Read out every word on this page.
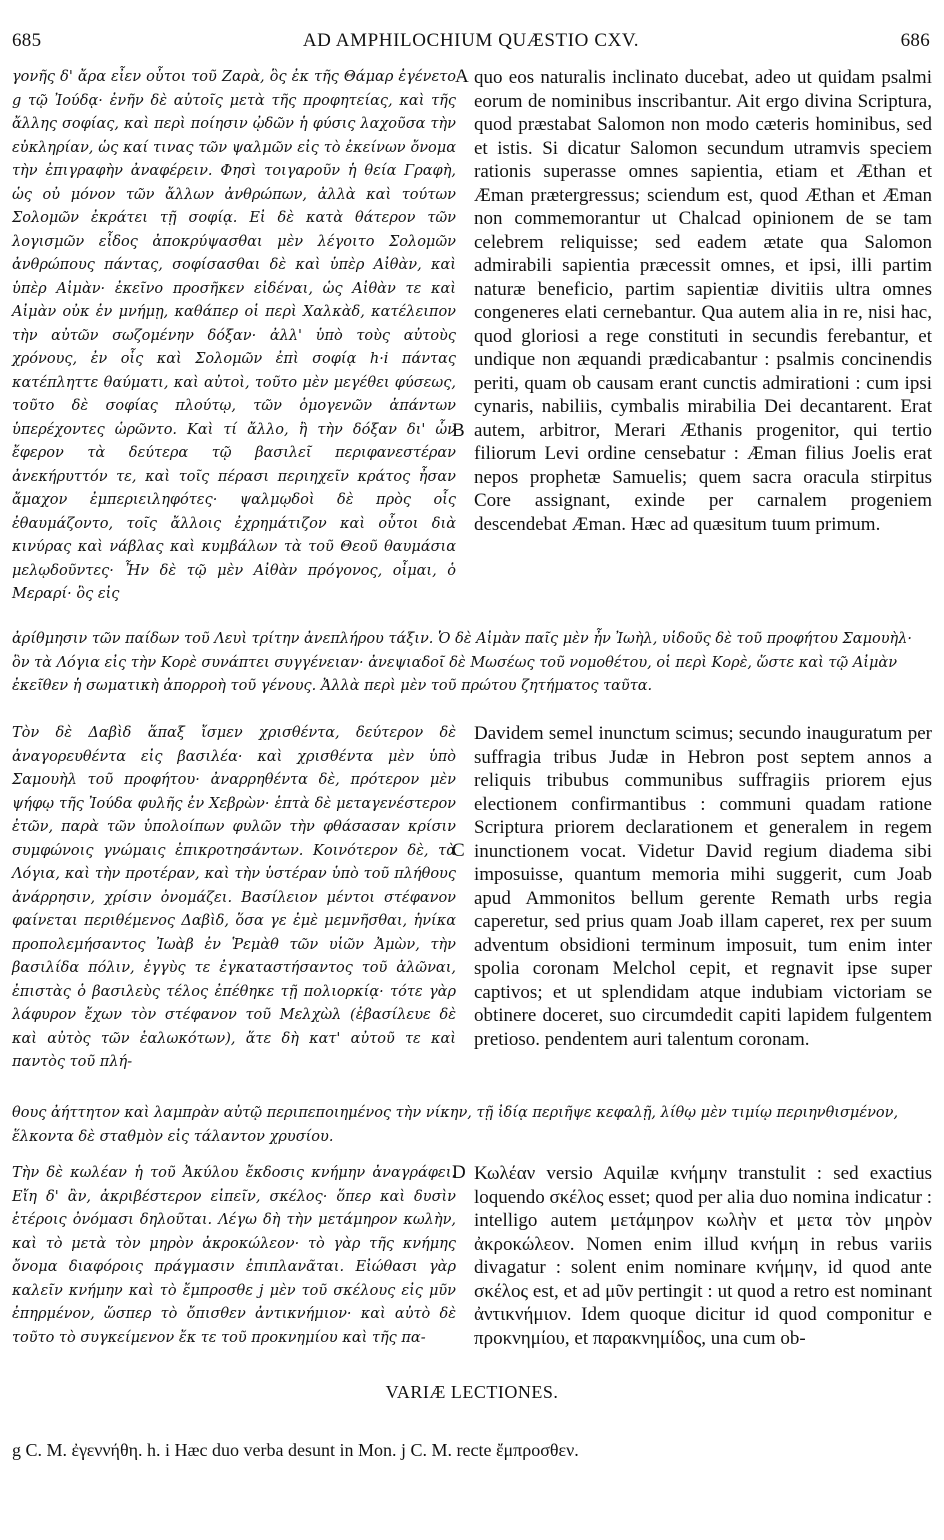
685	AD AMPHILOCHIUM QUÆSTIO CXV.	686

γονῆς δ' ἄρα εἶεν οὗτοι τοῦ Ζαρὰ, ὃς ἐκ τῆς Θάμαρ ἐγένετο g τῷ Ἰούδᾳ· ἐνῆν δὲ αὐτοῖς μετὰ τῆς προφητείας, καὶ τῆς ἄλλης σοφίας, καὶ περὶ ποίησιν ᾠδῶν ἡ φύσις λαχοῦσα τὴν εὐκληρίαν, ὡς καί τινας τῶν ψαλμῶν εἰς τὸ ἐκείνων ὄνομα τὴν ἐπιγραφὴν ἀναφέρειν. Φησὶ τοιγαροῦν ἡ θεία Γραφὴ, ὡς οὐ μόνον τῶν ἄλλων ἀνθρώπων, ἀλλὰ καὶ τούτων Σολομῶν ἐκράτει τῇ σοφίᾳ. Εἰ δὲ κατὰ θάτερον τῶν λογισμῶν εἶδος ἀποκρύψασθαι μὲν λέγοιτο Σολομῶν ἀνθρώπους πάντας, σοφίσασθαι δὲ καὶ ὑπὲρ Αἰθὰν, καὶ ὑπὲρ Αἰμὰν· ἐκεῖνο προσῆκεν εἰδέναι, ὡς Αἰθὰν τε καὶ Αἰμὰν οὐκ ἐν μνήμῃ, καθάπερ οἱ περὶ Χαλκὰδ, κατέλειπον τὴν αὐτῶν σωζομένην δόξαν· ἀλλ' ὑπὸ τοὺς αὐτοὺς χρόνους, ἐν οἷς καὶ Σολομῶν ἐπὶ σοφίᾳ h·i πάντας κατέπληττε θαύματι, καὶ αὐτοὶ, τοῦτο μὲν μεγέθει φύσεως, τοῦτο δὲ σοφίας πλούτῳ, τῶν ὁμογενῶν ἁπάντων ὑπερέχοντες ὡρῶντο. Καὶ τί ἄλλο, ἢ τὴν δόξαν δι' ὧν ἔφερον τὰ δεύτερα τῷ βασιλεῖ περιφανεστέραν ἀνεκήρυττόν τε, καὶ τοῖς πέρασι περιηχεῖν κράτος ἦσαν ἄμαχον ἐμπεριειληφότες· ψαλμῳδοὶ δὲ πρὸς οἷς ἐθαυμάζοντο, τοῖς ἄλλοις ἐχρημάτιζον καὶ οὗτοι διὰ κινύρας καὶ νάβλας καὶ κυμβάλων τὰ τοῦ Θεοῦ θαυμάσια μελῳδοῦντες· Ἦν δὲ τῷ μὲν Αἰθὰν πρόγονος, οἶμαι, ὁ Μεραρί· ὃς εἰς

A quo eos naturalis inclinato ducebat, adeo ut quidam psalmi eorum de nominibus inscribantur. Ait ergo divina Scriptura, quod præstabat Salomon non modo cæteris hominibus, sed et istis. Si dicatur Salomon secundum utramvis speciem rationis superasse omnes sapientia, etiam et Æthan et Æman prætergressus; sciendum est, quod Æthan et Æman non commemorantur ut Chalcad opinionem de se tam celebrem reliquisse; sed eadem ætate qua Salomon admirabili sapientia præcessit omnes, et ipsi, illi partim naturæ beneficio, partim sapientiæ divitiis ultra omnes congeneres elati cernebantur. Qua autem alia in re, nisi hac, quod gloriosi a rege constituti in secundis ferebantur, et undique non æquandi prædicabantur : psalmis concinendis periti, quam ob causam erant cunctis admirationi : cum ipsi cynaris, nabiliis, cymbalis mirabilia Dei decantarent. Erat autem, arbitror, Merari Æthanis progenitor, qui tertio filiorum Levi ordine censebatur : Æman filius Joelis erat nepos prophetæ Samuelis; quem sacra oracula stirpitus Core assignant, exinde per carnalem progeniem descendebat Æman. Hæc ad quæsitum tuum primum.

B

ἀρίθμησιν τῶν παίδων τοῦ Λευὶ τρίτην ἀνεπλήρου τάξιν. Ὁ δὲ Αἰμὰν παῖς μὲν ἦν Ἰωὴλ, υἱδοῦς δὲ τοῦ προφήτου Σαμουὴλ· ὃν τὰ Λόγια εἰς τὴν Κορὲ συνάπτει συγγένειαν· ἀνεψιαδοῖ δὲ Μωσέως τοῦ νομοθέτου, οἱ περὶ Κορὲ, ὥστε καὶ τῷ Αἰμὰν ἐκεῖθεν ἡ σωματικὴ ἀπορροὴ τοῦ γένους. Ἀλλὰ περὶ μὲν τοῦ πρώτου ζητήματος ταῦτα.

Τὸν δὲ Δαβὶδ ἅπαξ ἴσμεν χρισθέντα, δεύτερον δὲ ἀναγορευθέντα εἰς βασιλέα· καὶ χρισθέντα μὲν ὑπὸ Σαμουὴλ τοῦ προφήτου· ἀναρρηθέντα δὲ, πρότερον μὲν ψήφῳ τῆς Ἰούδα φυλῆς ἐν Χεβρὼν· ἑπτὰ δὲ μεταγενέστερον ἐτῶν, παρὰ τῶν ὑπολοίπων φυλῶν τὴν φθάσασαν κρίσιν συμφώνοις γνώμαις ἐπικροτησάντων. Κοινότερον δὲ, τὰ Λόγια, καὶ τὴν προτέραν, καὶ τὴν ὑστέραν ὑπὸ τοῦ πλήθους ἀνάρρησιν, χρίσιν ὀνομάζει. Βασίλειον μέντοι στέφανον φαίνεται περιθέμενος Δαβὶδ, ὅσα γε ἐμὲ μεμνῆσθαι, ἡνίκα προπολεμήσαντος Ἰωὰβ ἐν Ῥεμὰθ τῶν υἱῶν Ἀμὼν, τὴν βασιλίδα πόλιν, ἐγγὺς τε ἐγκαταστήσαντος τοῦ ἁλῶναι, ἐπιστὰς ὁ βασιλεὺς τέλος ἐπέθηκε τῇ πολιορκίᾳ· τότε γὰρ λάφυρον ἔχων τὸν στέφανον τοῦ Μελχὼλ (ἐβασίλευε δὲ καὶ αὐτὸς τῶν ἑαλωκότων), ἅτε δὴ κατ' αὐτοῦ τε καὶ παντὸς τοῦ πλή-

C

Davidem semel inunctum scimus; secundo inauguratum per suffragia tribus Judæ in Hebron post septem annos a reliquis tribubus communibus suffragiis priorem ejus electionem confirmantibus : communi quadam ratione Scriptura priorem declarationem et generalem in regem inunctionem vocat. Videtur David regium diadema sibi imposuisse, quantum memoria mihi suggerit, cum Joab apud Ammonitos bellum gerente Remath urbs regia caperetur, sed prius quam Joab illam caperet, rex per suum adventum obsidioni terminum imposuit, tum enim inter spolia coronam Melchol cepit, et regnavit ipse super captivos; et ut splendidam atque indubiam victoriam se obtinere doceret, suo circumdedit capiti lapidem fulgentem pretioso. pendentem auri talentum coronam.

θους ἀήττητον καὶ λαμπρὰν αὐτῷ περιπεποιημένος τὴν νίκην, τῇ ἰδίᾳ περιῆψε κεφαλῇ, λίθῳ μὲν τιμίῳ περιηνθισμένον, ἕλκοντα δὲ σταθμὸν εἰς τάλαντον χρυσίου.

Τὴν δὲ κωλέαν ἡ τοῦ Ἀκύλου ἔκδοσις κνήμην ἀναγράφει. Εἴη δ' ἂν, ἀκριβέστερον εἰπεῖν, σκέλος· ὅπερ καὶ δυσὶν ἑτέροις ὀνόμασι δηλοῦται. Λέγω δὴ τὴν μετάμηρον κωλὴν, καὶ τὸ μετὰ τὸν μηρὸν ἀκροκώλεον· τὸ γὰρ τῆς κνήμης ὄνομα διαφόροις πράγμασιν ἐπιπλανᾶται. Εἰώθασι γὰρ καλεῖν κνήμην καὶ τὸ ἔμπροσθε j μὲν τοῦ σκέλους εἰς μῦν ἐπηρμένον, ὥσπερ τὸ ὄπισθεν ἀντικνήμιον· καὶ αὐτὸ δὲ τοῦτο τὸ συγκείμενον ἔκ τε τοῦ προκνημίου καὶ τῆς πα-

D Κωλέαν versio Aquilæ κνήμην transtulit : sed exactius loquendo σκέλος esset; quod per alia duo nomina indicatur : intelligo autem μετάμηρον κωλὴν et μετα τὸν μηρὸν ἀκροκώλεον. Nomen enim illud κνήμη in rebus variis divagatur : solent enim nominare κνήμην, id quod ante σκέλος est, et ad μῦν pertingit : ut quod a retro est nominant ἀντικνήμιον. Idem quoque dicitur id quod componitur e προκνημίου, et παρακνημίδος, una cum ob-

VARIÆ LECTIONES.
g C. M. ἐγεννήθη. h. i Hæc duo verba desunt in Mon. j C. M. recte ἔμπροσθεν.
